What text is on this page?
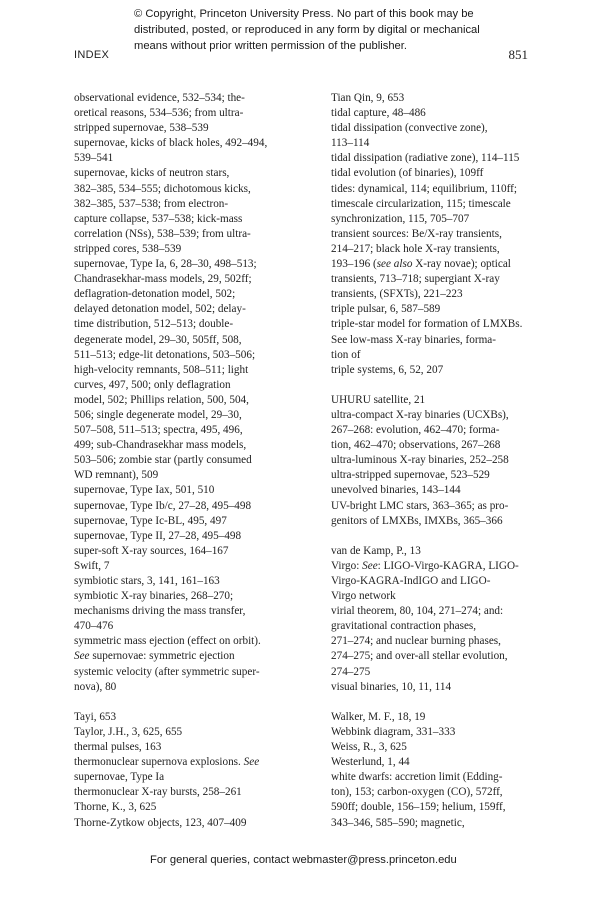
© Copyright, Princeton University Press. No part of this book may be
distributed, posted, or reproduced in any form by digital or mechanical
means without prior written permission of the publisher.
INDEX	851
observational evidence, 532–534; the-
oretical reasons, 534–536; from ultra-
stripped supernovae, 538–539
supernovae, kicks of black holes, 492–494,
539–541
supernovae, kicks of neutron stars,
382–385, 534–555; dichotomous kicks,
382–385, 537–538; from electron-
capture collapse, 537–538; kick-mass
correlation (NSs), 538–539; from ultra-
stripped cores, 538–539
supernovae, Type Ia, 6, 28–30, 498–513;
Chandrasekhar-mass models, 29, 502ff;
deflagration-detonation model, 502;
delayed detonation model, 502; delay-
time distribution, 512–513; double-
degenerate model, 29–30, 505ff, 508,
511–513; edge-lit detonations, 503–506;
high-velocity remnants, 508–511; light
curves, 497, 500; only deflagration
model, 502; Phillips relation, 500, 504,
506; single degenerate model, 29–30,
507–508, 511–513; spectra, 495, 496,
499; sub-Chandrasekhar mass models,
503–506; zombie star (partly consumed
WD remnant), 509
supernovae, Type Iax, 501, 510
supernovae, Type Ib/c, 27–28, 495–498
supernovae, Type Ic-BL, 495, 497
supernovae, Type II, 27–28, 495–498
super-soft X-ray sources, 164–167
Swift, 7
symbiotic stars, 3, 141, 161–163
symbiotic X-ray binaries, 268–270;
mechanisms driving the mass transfer,
470–476
symmetric mass ejection (effect on orbit).
See supernovae: symmetric ejection
systemic velocity (after symmetric super-
nova), 80
Tayi, 653
Taylor, J.H., 3, 625, 655
thermal pulses, 163
thermonuclear supernova explosions. See
supernovae, Type Ia
thermonuclear X-ray bursts, 258–261
Thorne, K., 3, 625
Thorne-Zytkow objects, 123, 407–409
Tian Qin, 9, 653
tidal capture, 48–486
tidal dissipation (convective zone),
113–114
tidal dissipation (radiative zone), 114–115
tidal evolution (of binaries), 109ff
tides: dynamical, 114; equilibrium, 110ff;
timescale circularization, 115; timescale
synchronization, 115, 705–707
transient sources: Be/X-ray transients,
214–217; black hole X-ray transients,
193–196 (see also X-ray novae); optical
transients, 713–718; supergiant X-ray
transients, (SFXTs), 221–223
triple pulsar, 6, 587–589
triple-star model for formation of LMXBs.
See low-mass X-ray binaries, forma-
tion of
triple systems, 6, 52, 207
UHURU satellite, 21
ultra-compact X-ray binaries (UCXBs),
267–268: evolution, 462–470; forma-
tion, 462–470; observations, 267–268
ultra-luminous X-ray binaries, 252–258
ultra-stripped supernovae, 523–529
unevolved binaries, 143–144
UV-bright LMC stars, 363–365; as pro-
genitors of LMXBs, IMXBs, 365–366
van de Kamp, P., 13
Virgo: See: LIGO-Virgo-KAGRA, LIGO-
Virgo-KAGRA-IndIGO and LIGO-
Virgo network
virial theorem, 80, 104, 271–274; and:
gravitational contraction phases,
271–274; and nuclear burning phases,
274–275; and over-all stellar evolution,
274–275
visual binaries, 10, 11, 114
Walker, M. F., 18, 19
Webbink diagram, 331–333
Weiss, R., 3, 625
Westerlund, 1, 44
white dwarfs: accretion limit (Edding-
ton), 153; carbon-oxygen (CO), 572ff,
590ff; double, 156–159; helium, 159ff,
343–346, 585–590; magnetic,
For general queries, contact webmaster@press.princeton.edu
